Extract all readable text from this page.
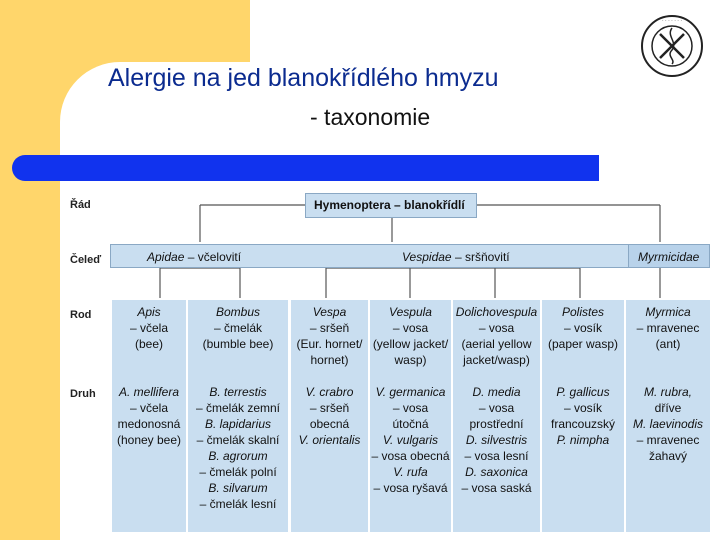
Alergie na jed blanokřídlého hmyzu
- taxonomie
· · · · · · ·
Řád
Čeleď
Rod
Druh
Hymenoptera – blanokřídlí
Apidae – včelovití	Vespidae – sršňovití	Myrmicidae
Apis
– včela
(bee)
A. mellifera
– včela
medonosná
(honey bee)
Bombus
– čmelák
(bumble bee)
B. terrestis
– čmelák zemní
B. lapidarius
– čmelák skalní
B. agrorum
– čmelák polní
B. silvarum
– čmelák lesní
Vespa
– sršeň
(Eur. hornet/
hornet)
V. crabro
– sršeň
obecná
V. orientalis
Vespula
– vosa
(yellow jacket/
wasp)
V. germanica
– vosa
útočná
V. vulgaris
– vosa obecná
V. rufa
– vosa ryšavá
Dolichovespula
– vosa
(aerial yellow
jacket/wasp)
D. media
– vosa
prostřední
D. silvestris
– vosa lesní
D. saxonica
– vosa saská
Polistes
– vosík
(paper wasp)
P. gallicus
– vosík
francouzský
P. nimpha
Myrmica
– mravenec
(ant)
M. rubra,
dříve
M. laevinodis
– mravenec
žahavý
